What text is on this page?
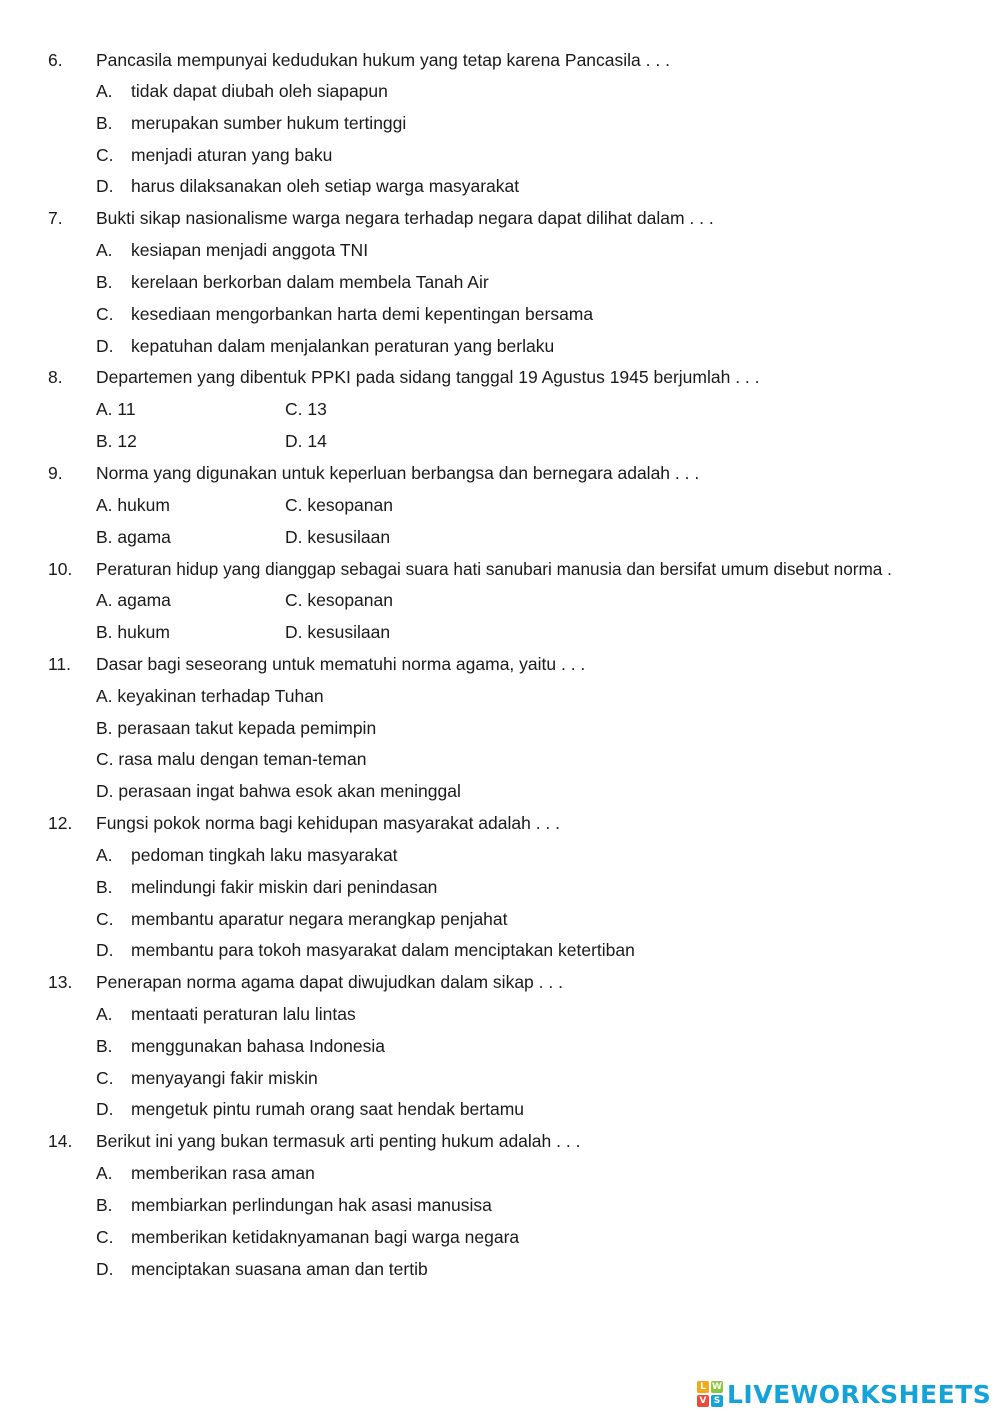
6. Pancasila mempunyai kedudukan hukum yang tetap karena Pancasila . . .
A. tidak dapat diubah oleh siapapun
B. merupakan sumber hukum tertinggi
C. menjadi aturan yang baku
D. harus dilaksanakan oleh setiap warga masyarakat
7. Bukti sikap nasionalisme warga negara terhadap negara dapat dilihat dalam . . .
A. kesiapan menjadi anggota TNI
B. kerelaan berkorban dalam membela Tanah Air
C. kesediaan mengorbankan harta demi kepentingan bersama
D. kepatuhan dalam menjalankan peraturan yang berlaku
8. Departemen yang dibentuk PPKI pada sidang tanggal 19 Agustus 1945 berjumlah . . .
A. 11	C. 13
B. 12	D. 14
9. Norma yang digunakan untuk keperluan berbangsa dan bernegara adalah . . .
A. hukum	C. kesopanan
B. agama	D. kesusilaan
10. Peraturan hidup yang dianggap sebagai suara hati sanubari manusia dan bersifat umum disebut norma .
A. agama	C. kesopanan
B. hukum	D. kesusilaan
11. Dasar bagi seseorang untuk mematuhi norma agama, yaitu . . .
A. keyakinan terhadap Tuhan
B. perasaan takut kepada pemimpin
C. rasa malu dengan teman-teman
D. perasaan ingat bahwa esok akan meninggal
12. Fungsi pokok norma bagi kehidupan masyarakat adalah . . .
A. pedoman tingkah laku masyarakat
B. melindungi fakir miskin dari penindasan
C. membantu aparatur negara merangkap penjahat
D. membantu para tokoh masyarakat dalam menciptakan ketertiban
13. Penerapan norma agama dapat diwujudkan dalam sikap . . .
A. mentaati peraturan lalu lintas
B. menggunakan bahasa Indonesia
C. menyayangi fakir miskin
D. mengetuk pintu rumah orang saat hendak bertamu
14. Berikut ini yang bukan termasuk arti penting hukum adalah . . .
A. memberikan rasa aman
B. membiarkan perlindungan hak asasi manusisa
C. memberikan ketidaknyamanan bagi warga negara
D. menciptakan suasana aman dan tertib
L W
V S LIVEWORKSHEETS
